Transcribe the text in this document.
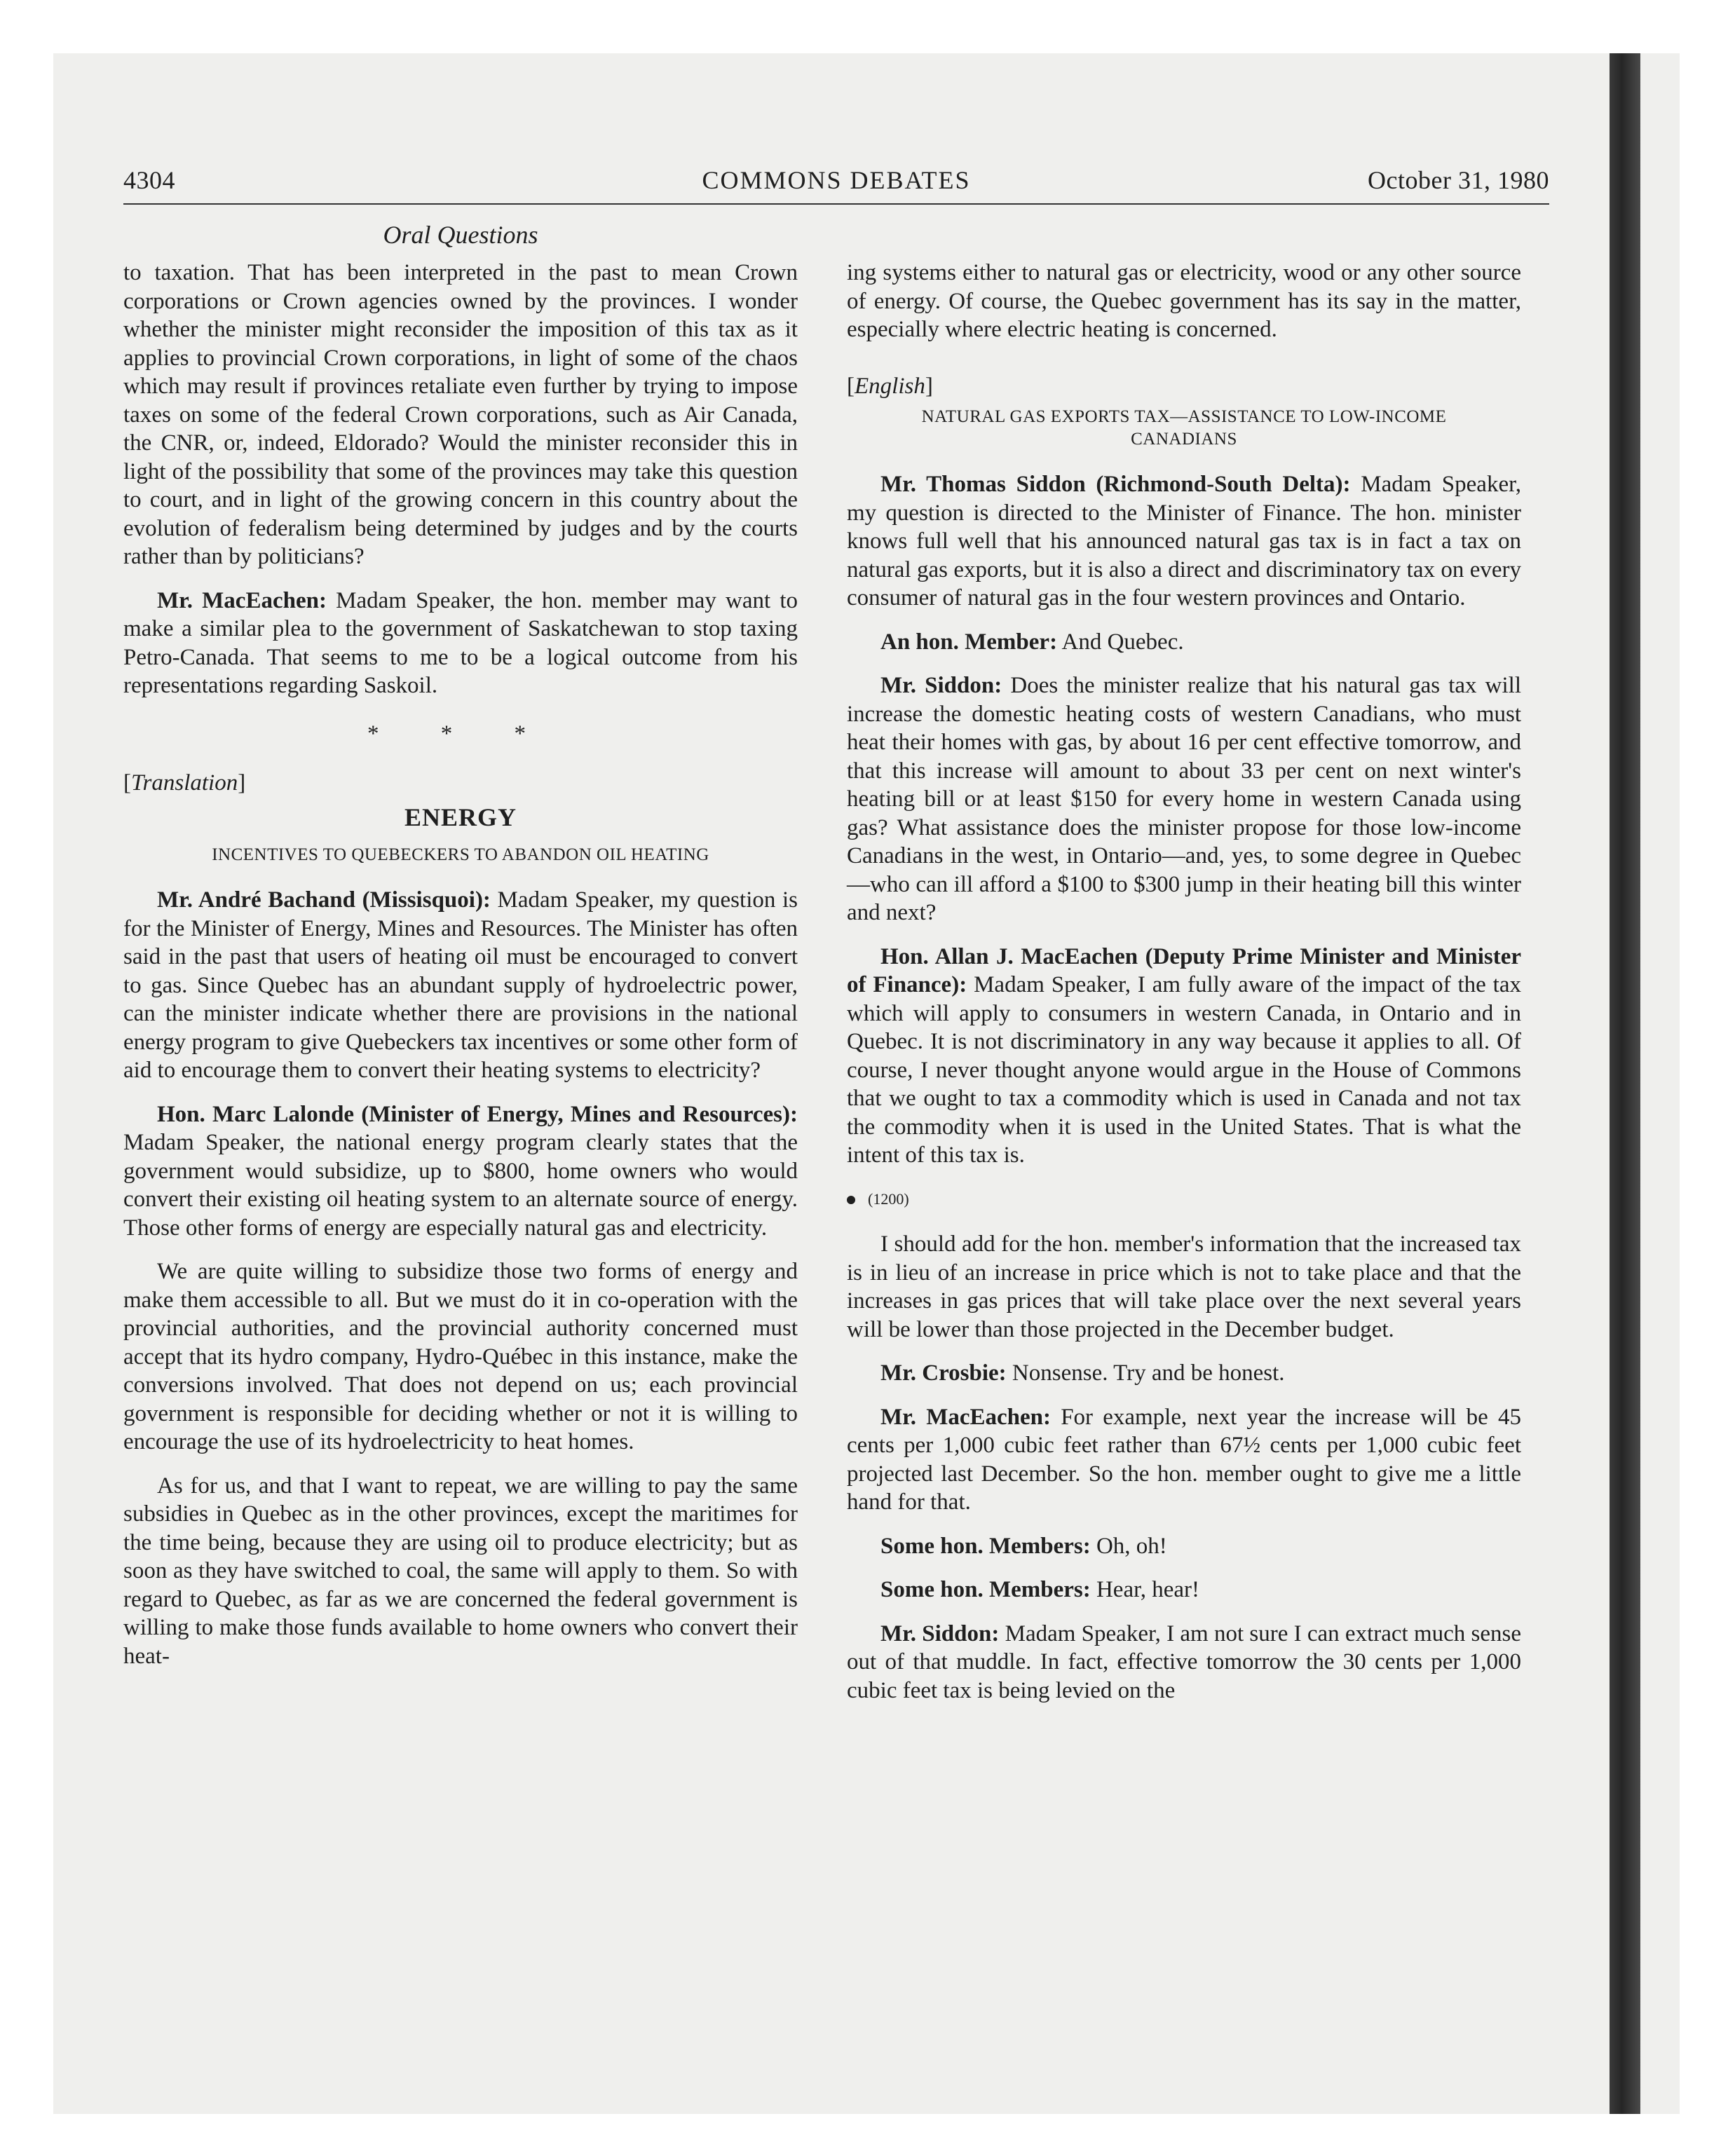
4304	COMMONS DEBATES	October 31, 1980
Oral Questions

to taxation. That has been interpreted in the past to mean Crown corporations or Crown agencies owned by the provinces. I wonder whether the minister might reconsider the imposition of this tax as it applies to provincial Crown corporations, in light of some of the chaos which may result if provinces retaliate even further by trying to impose taxes on some of the federal Crown corporations, such as Air Canada, the CNR, or, indeed, Eldorado? Would the minister reconsider this in light of the possibility that some of the provinces may take this question to court, and in light of the growing concern in this country about the evolution of federalism being determined by judges and by the courts rather than by politicians?

Mr. MacEachen: Madam Speaker, the hon. member may want to make a similar plea to the government of Saskatchewan to stop taxing Petro-Canada. That seems to me to be a logical outcome from his representations regarding Saskoil.

* * *
[Translation]
ENERGY
INCENTIVES TO QUEBECKERS TO ABANDON OIL HEATING

Mr. André Bachand (Missisquoi): Madam Speaker, my question is for the Minister of Energy, Mines and Resources. The Minister has often said in the past that users of heating oil must be encouraged to convert to gas. Since Quebec has an abundant supply of hydroelectric power, can the minister indicate whether there are provisions in the national energy program to give Quebeckers tax incentives or some other form of aid to encourage them to convert their heating systems to electricity?

Hon. Marc Lalonde (Minister of Energy, Mines and Resources): Madam Speaker, the national energy program clearly states that the government would subsidize, up to $800, home owners who would convert their existing oil heating system to an alternate source of energy. Those other forms of energy are especially natural gas and electricity.

We are quite willing to subsidize those two forms of energy and make them accessible to all. But we must do it in co-operation with the provincial authorities, and the provincial authority concerned must accept that its hydro company, Hydro-Québec in this instance, make the conversions involved. That does not depend on us; each provincial government is responsible for deciding whether or not it is willing to encourage the use of its hydroelectricity to heat homes.

As for us, and that I want to repeat, we are willing to pay the same subsidies in Quebec as in the other provinces, except the maritimes for the time being, because they are using oil to produce electricity; but as soon as they have switched to coal, the same will apply to them. So with regard to Quebec, as far as we are concerned the federal government is willing to make those funds available to home owners who convert their heat-

ing systems either to natural gas or electricity, wood or any other source of energy. Of course, the Quebec government has its say in the matter, especially where electric heating is concerned.

[English]
NATURAL GAS EXPORTS TAX—ASSISTANCE TO LOW-INCOME CANADIANS

Mr. Thomas Siddon (Richmond-South Delta): Madam Speaker, my question is directed to the Minister of Finance. The hon. minister knows full well that his announced natural gas tax is in fact a tax on natural gas exports, but it is also a direct and discriminatory tax on every consumer of natural gas in the four western provinces and Ontario.

An hon. Member: And Quebec.

Mr. Siddon: Does the minister realize that his natural gas tax will increase the domestic heating costs of western Canadians, who must heat their homes with gas, by about 16 per cent effective tomorrow, and that this increase will amount to about 33 per cent on next winter's heating bill or at least $150 for every home in western Canada using gas? What assistance does the minister propose for those low-income Canadians in the west, in Ontario—and, yes, to some degree in Quebec—who can ill afford a $100 to $300 jump in their heating bill this winter and next?

Hon. Allan J. MacEachen (Deputy Prime Minister and Minister of Finance): Madam Speaker, I am fully aware of the impact of the tax which will apply to consumers in western Canada, in Ontario and in Quebec. It is not discriminatory in any way because it applies to all. Of course, I never thought anyone would argue in the House of Commons that we ought to tax a commodity which is used in Canada and not tax the commodity when it is used in the United States. That is what the intent of this tax is.

(1200)

I should add for the hon. member's information that the increased tax is in lieu of an increase in price which is not to take place and that the increases in gas prices that will take place over the next several years will be lower than those projected in the December budget.

Mr. Crosbie: Nonsense. Try and be honest.

Mr. MacEachen: For example, next year the increase will be 45 cents per 1,000 cubic feet rather than 67½ cents per 1,000 cubic feet projected last December. So the hon. member ought to give me a little hand for that.

Some hon. Members: Oh, oh!

Some hon. Members: Hear, hear!

Mr. Siddon: Madam Speaker, I am not sure I can extract much sense out of that muddle. In fact, effective tomorrow the 30 cents per 1,000 cubic feet tax is being levied on the
